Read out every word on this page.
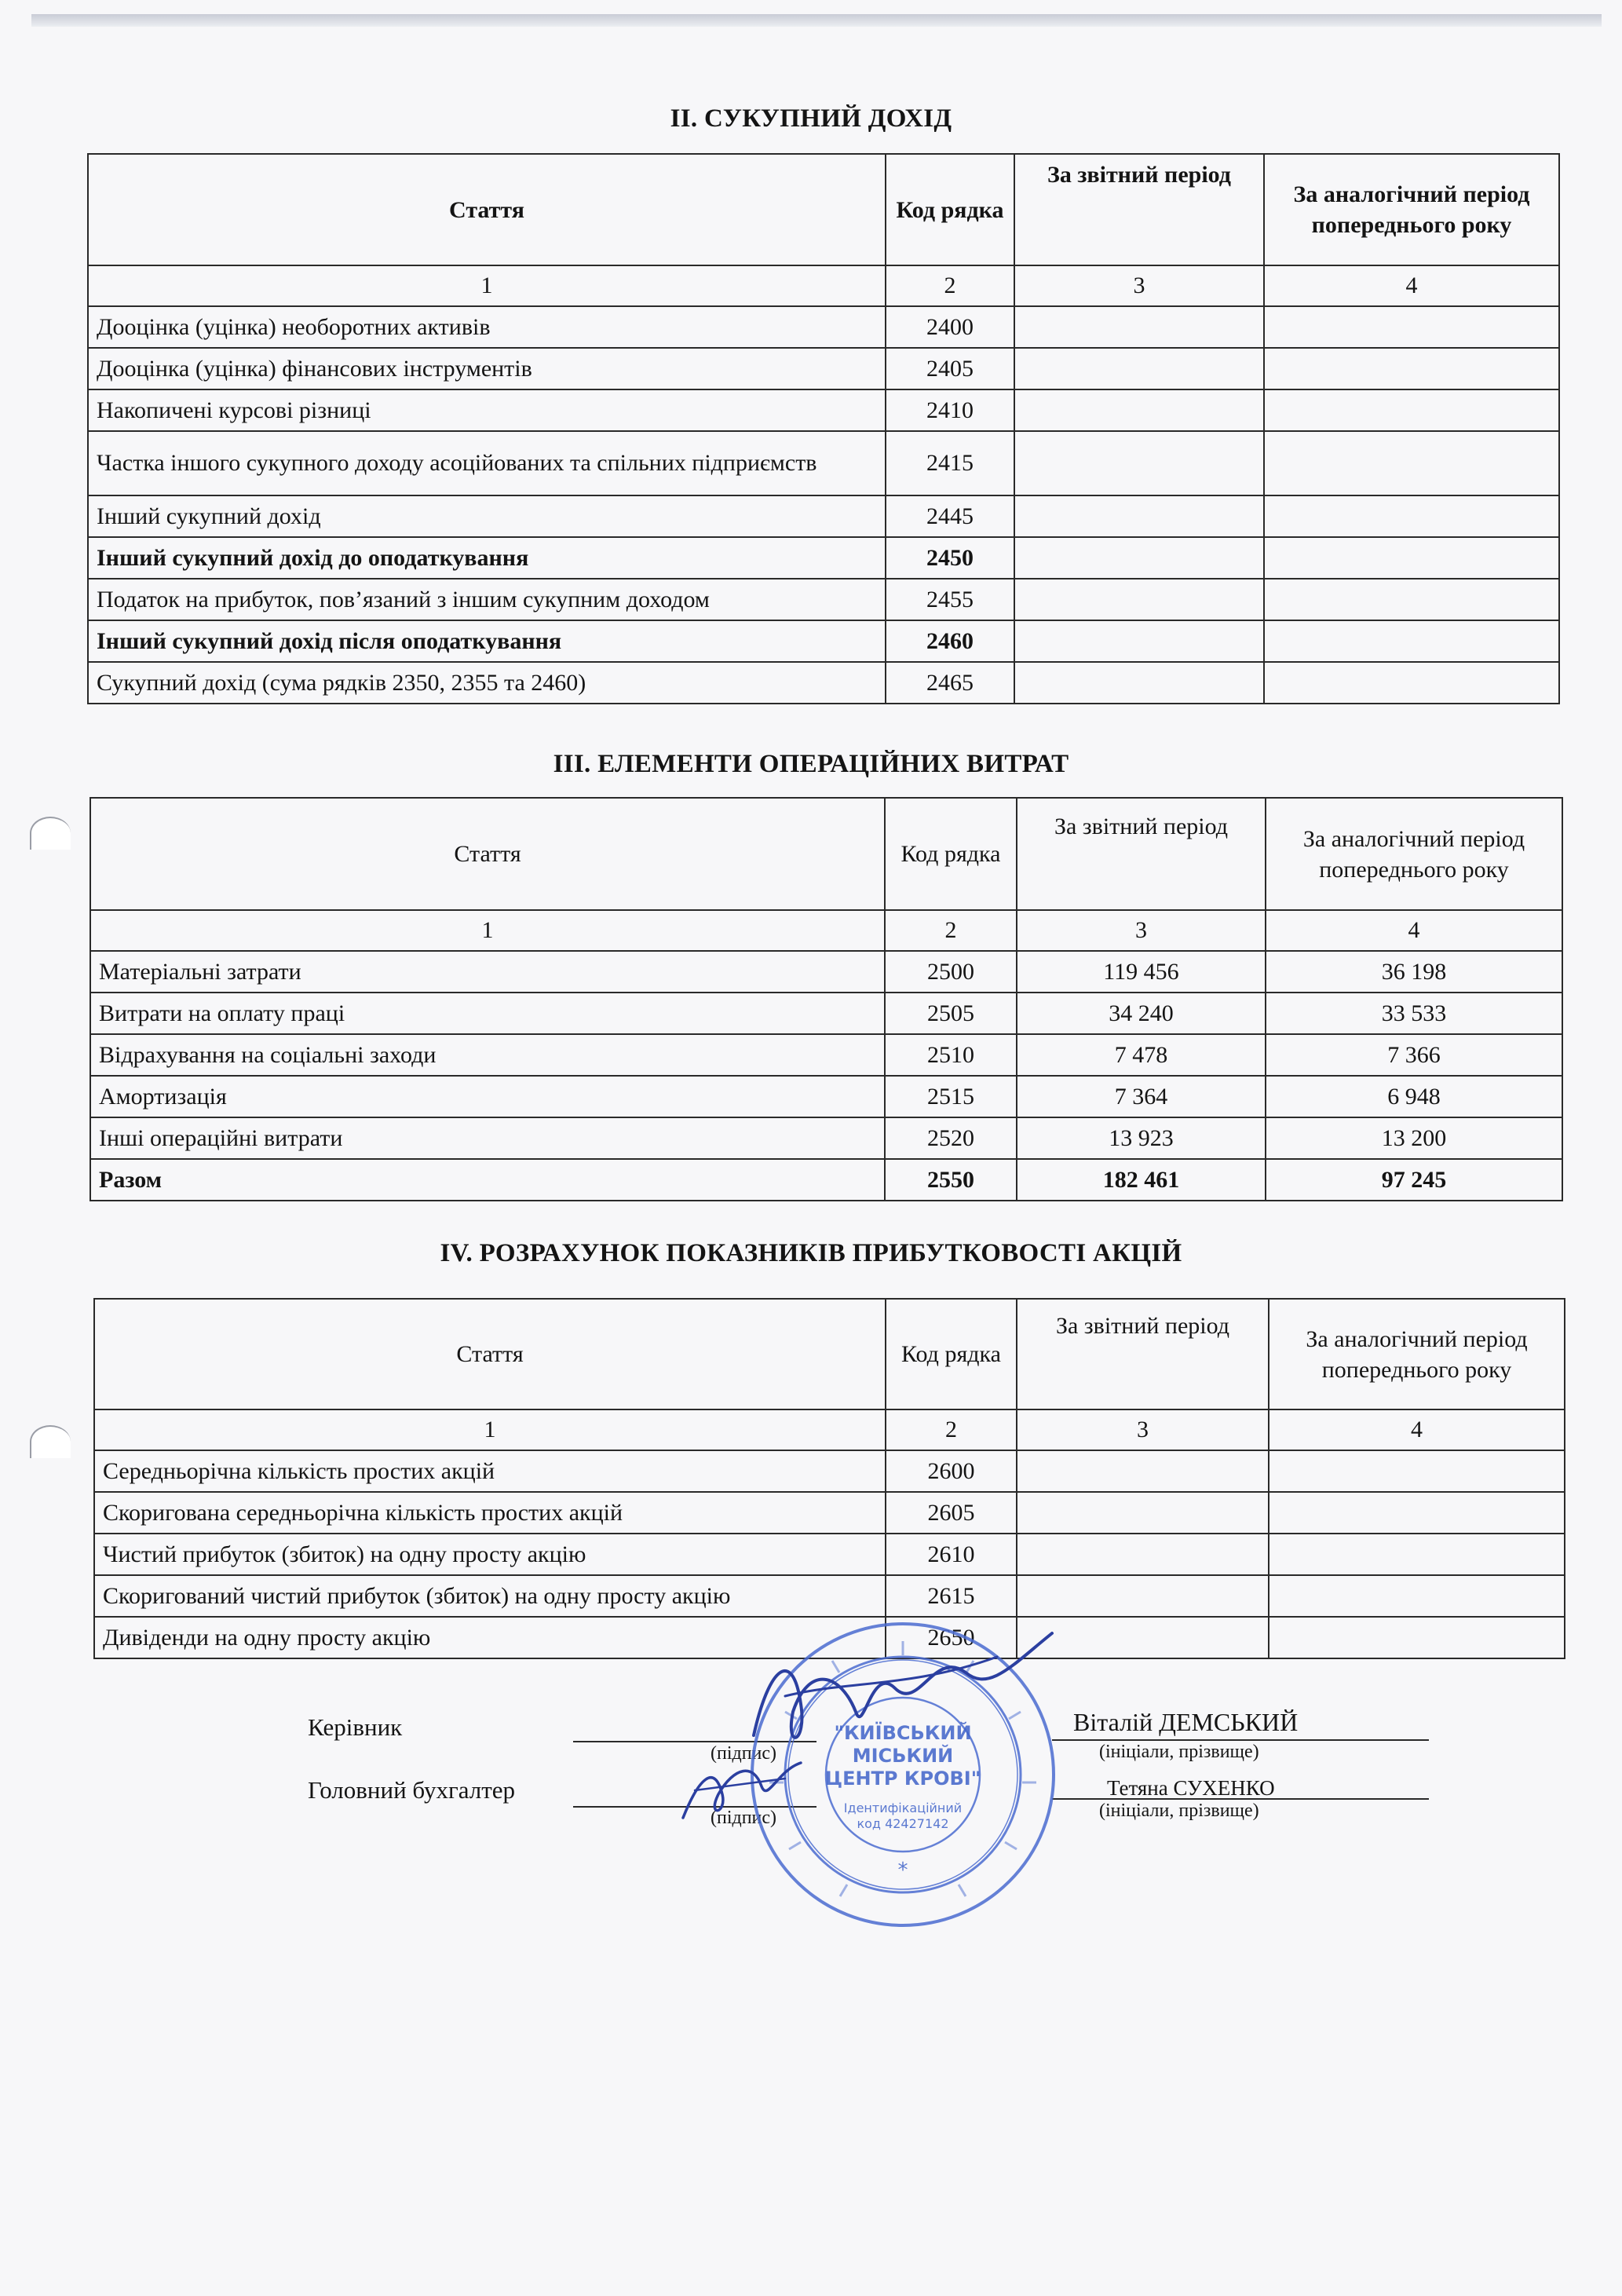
II. СУКУПНИЙ ДОХІД
Стаття	Код рядка	За звітний період	За аналогічний період попереднього року
1	2	3	4
Дооцінка (уцінка) необоротних активів	2400		
Дооцінка (уцінка) фінансових інструментів	2405		
Накопичені курсові різниці	2410		
Частка іншого сукупного доходу асоційованих та спільних підприємств	2415		
Інший сукупний дохід	2445		
Інший сукупний дохід до оподаткування	2450		
Податок на прибуток, пов’язаний з іншим сукупним доходом	2455		
Інший сукупний дохід після оподаткування	2460		
Сукупний дохід (сума рядків 2350, 2355 та 2460)	2465		
III. ЕЛЕМЕНТИ ОПЕРАЦІЙНИХ ВИТРАТ
Стаття	Код рядка	За звітний період	За аналогічний період попереднього року
1	2	3	4
Матеріальні затрати	2500	119 456	36 198
Витрати на оплату праці	2505	34 240	33 533
Відрахування на соціальні заходи	2510	7 478	7 366
Амортизація	2515	7 364	6 948
Інші операційні витрати	2520	13 923	13 200
Разом	2550	182 461	97 245
IV. РОЗРАХУНОК ПОКАЗНИКІВ ПРИБУТКОВОСТІ АКЦІЙ
Стаття	Код рядка	За звітний період	За аналогічний період попереднього року
1	2	3	4
Середньорічна кількість простих акцій	2600		
Скоригована середньорічна кількість простих акцій	2605		
Чистий прибуток (збиток) на одну просту акцію	2610		
Скоригований чистий прибуток (збиток) на одну просту акцію	2615		
Дивіденди на одну просту акцію	2650		
Керівник
(підпис)
Віталій ДЕМСЬКИЙ
(ініціали, прізвище)
Головний бухгалтер
(підпис)
Тетяна СУХЕНКО
(ініціали, прізвище)
"КИЇВСЬКИЙ
МІСЬКИЙ
ЦЕНТР КРОВІ"
Ідентифікаційний
код 42427142
*
